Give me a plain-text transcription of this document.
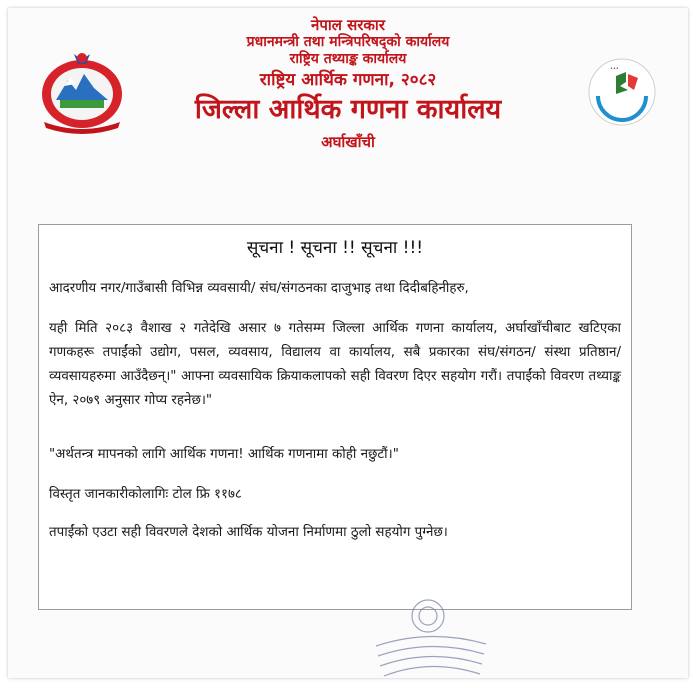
•••
नेपाल सरकार
प्रधानमन्त्री तथा मन्त्रिपरिषद्‌को कार्यालय
राष्ट्रिय तथ्याङ्क कार्यालय
राष्ट्रिय आर्थिक गणना, २०८२
जिल्ला आर्थिक गणना कार्यालय
अर्घाखाँची
सूचना ! सूचना !! सूचना !!!
आदरणीय नगर/गाउँबासी विभिन्न व्यवसायी/ संघ/संगठनका दाजुभाइ तथा दिदीबहिनीहरु,
यही मिति २०८३ वैशाख २ गतेदेखि असार ७ गतेसम्म जिल्ला आर्थिक गणना कार्यालय, अर्घाखाँचीबाट खटिएका गणकहरू तपाईंको उद्योग, पसल, व्यवसाय, विद्यालय वा कार्यालय, सबै प्रकारका संघ/संगठन/ संस्था प्रतिष्ठान/ व्यवसायहरुमा आउँदैछन्।" आफ्ना व्यवसायिक क्रियाकलापको सही विवरण दिएर सहयोग गरौं। तपाईंको विवरण तथ्याङ्क ऐन, २०७९ अनुसार गोप्य रहनेछ।"
"अर्थतन्त्र मापनको लागि आर्थिक गणना! आर्थिक गणनामा कोही नछुटौं।"
विस्तृत जानकारीकोलागिः टोल फ्रि ११७८
तपाईंको एउटा सही विवरणले देशको आर्थिक योजना निर्माणमा ठुलो सहयोग पुग्नेछ।
